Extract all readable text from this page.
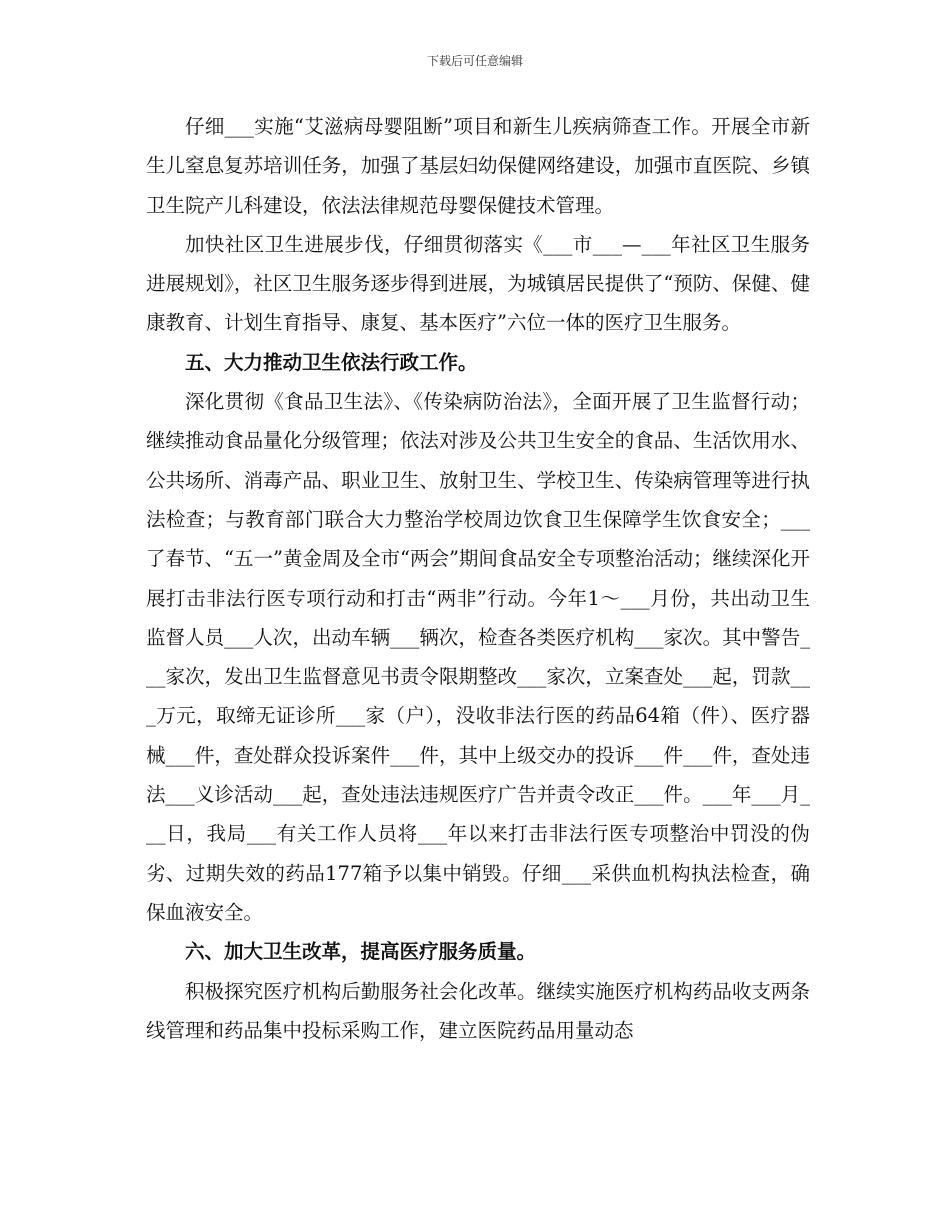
下载后可任意编辑

仔细___实施“艾滋病母婴阻断”项目和新生儿疾病筛查工作。开展全市新生儿窒息复苏培训任务，加强了基层妇幼保健网络建设，加强市直医院、乡镇卫生院产儿科建设，依法法律规范母婴保健技术管理。

加快社区卫生进展步伐，仔细贯彻落实《___市___—___年社区卫生服务进展规划》，社区卫生服务逐步得到进展，为城镇居民提供了“预防、保健、健康教育、计划生育指导、康复、基本医疗”六位一体的医疗卫生服务。

五、大力推动卫生依法行政工作。

深化贯彻《食品卫生法》、《传染病防治法》，全面开展了卫生监督行动；继续推动食品量化分级管理；依法对涉及公共卫生安全的食品、生活饮用水、公共场所、消毒产品、职业卫生、放射卫生、学校卫生、传染病管理等进行执法检查；与教育部门联合大力整治学校周边饮食卫生保障学生饮食安全；___了春节、“五一”黄金周及全市“两会”期间食品安全专项整治活动；继续深化开展打击非法行医专项行动和打击“两非”行动。今年1～___月份，共出动卫生监督人员___人次，出动车辆___辆次，检查各类医疗机构___家次。其中警告___家次，发出卫生监督意见书责令限期整改___家次，立案查处___起，罚款___万元，取缔无证诊所___家（户），没收非法行医的药品64箱（件）、医疗器械___件，查处群众投诉案件___件，其中上级交办的投诉___件___件，查处违法___义诊活动___起，查处违法违规医疗广告并责令改正___件。___年___月___日，我局___有关工作人员将___年以来打击非法行医专项整治中罚没的伪劣、过期失效的药品177箱予以集中销毁。仔细___采供血机构执法检查，确保血液安全。

六、加大卫生改革，提高医疗服务质量。

积极探究医疗机构后勤服务社会化改革。继续实施医疗机构药品收支两条线管理和药品集中投标采购工作，建立医院药品用量动态
